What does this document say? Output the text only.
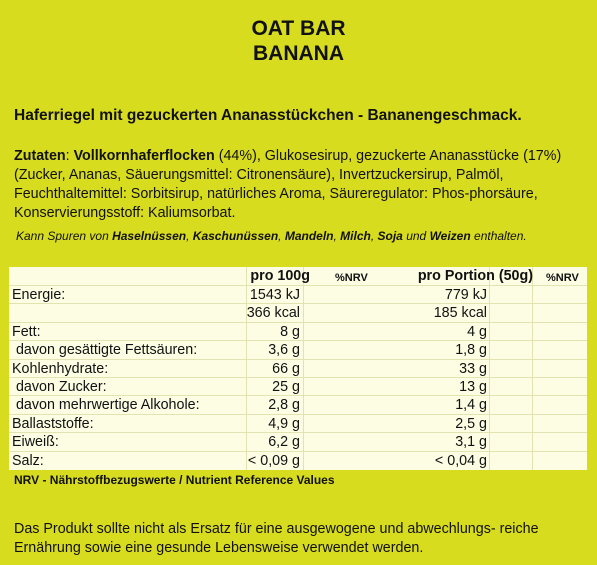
OAT BAR
BANANA
Haferriegel mit gezuckerten Ananasstückchen - Bananengeschmack.
Zutaten: Vollkornhaferflocken (44%), Glukosesirup, gezuckerte Ananasstücke (17%) (Zucker, Ananas, Säuerungsmittel: Citronensäure), Invertzuckersirup, Palmöl, Feuchthaltemittel: Sorbitsirup, natürliches Aroma, Säureregulator: Phos-phorsäure, Konservierungsstoff: Kaliumsorbat.
Kann Spuren von Haselnüssen, Kaschunüssen, Mandeln, Milch, Soja und Weizen enthalten.
pro 100g %NRV	pro Portion (50g) %NRV
Energie:	1543 kJ	779 kJ
366 kcal	185 kcal
Fett:	8 g	4 g
davon gesättigte Fettsäuren:	3,6 g	1,8 g
Kohlenhydrate:	66 g	33 g
davon Zucker:	25 g	13 g
davon mehrwertige Alkohole:	2,8 g	1,4 g
Ballaststoffe:	4,9 g	2,5 g
Eiweiß:	6,2 g	3,1 g
Salz:	< 0,09 g	< 0,04 g
NRV - Nährstoffbezugswerte / Nutrient Reference Values
Das Produkt sollte nicht als Ersatz für eine ausgewogene und abwechlungs- reiche Ernährung sowie eine gesunde Lebensweise verwendet werden.
